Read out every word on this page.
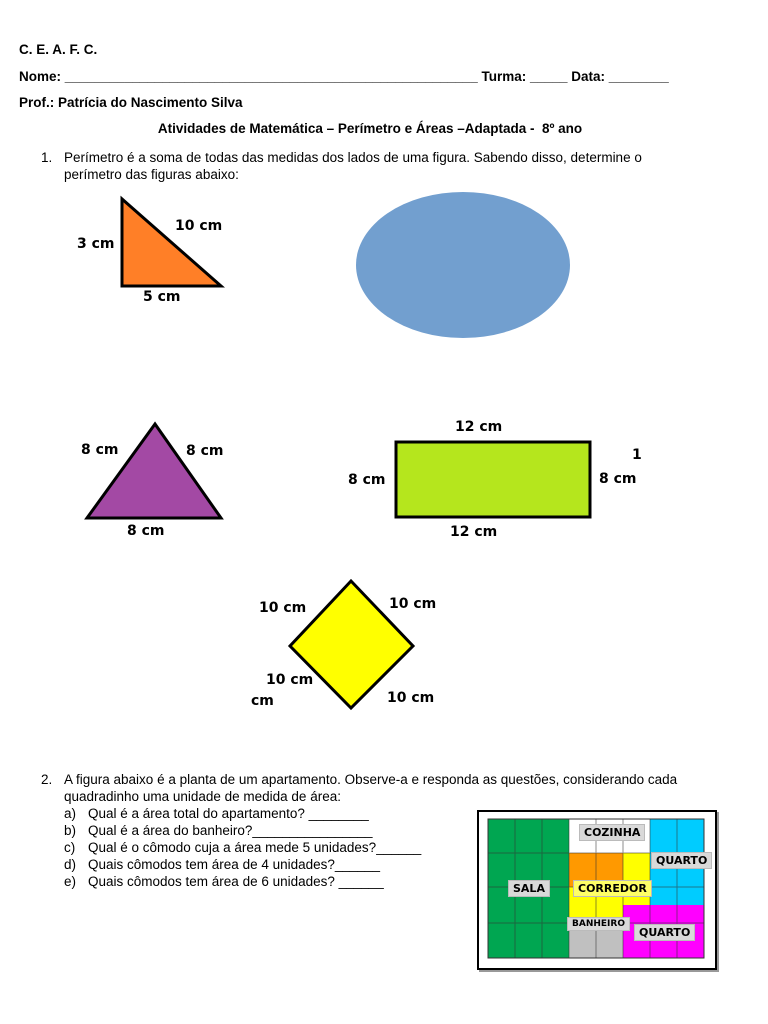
C. E. A. F. C.
Nome: _______________________________________________________ Turma: _____ Data: ________
Prof.: Patrícia do Nascimento Silva
Atividades de Matemática – Perímetro e Áreas –Adaptada -  8º ano
1. Perímetro é a soma de todas das medidas dos lados de uma figura. Sabendo disso, determine o
perímetro das figuras abaixo:
10 cm
3 cm
5 cm
8 cm	8 cm
8 cm
12 cm
8 cm	8 cm
12 cm
1
10 cm	10 cm
10 cm
cm	10 cm
2. A figura abaixo é a planta de um apartamento. Observe-a e responda as questões, considerando cada
quadradinho uma unidade de medida de área:
a) Qual é a área total do apartamento? ________
b) Qual é a área do banheiro?________________
c) Qual é o cômodo cuja a área mede 5 unidades?______
d) Quais cômodos tem área de 4 unidades?______
e) Quais cômodos tem área de 6 unidades? ______
COZINHA
QUARTO
SALA	CORREDOR
BANHEIRO
QUARTO
